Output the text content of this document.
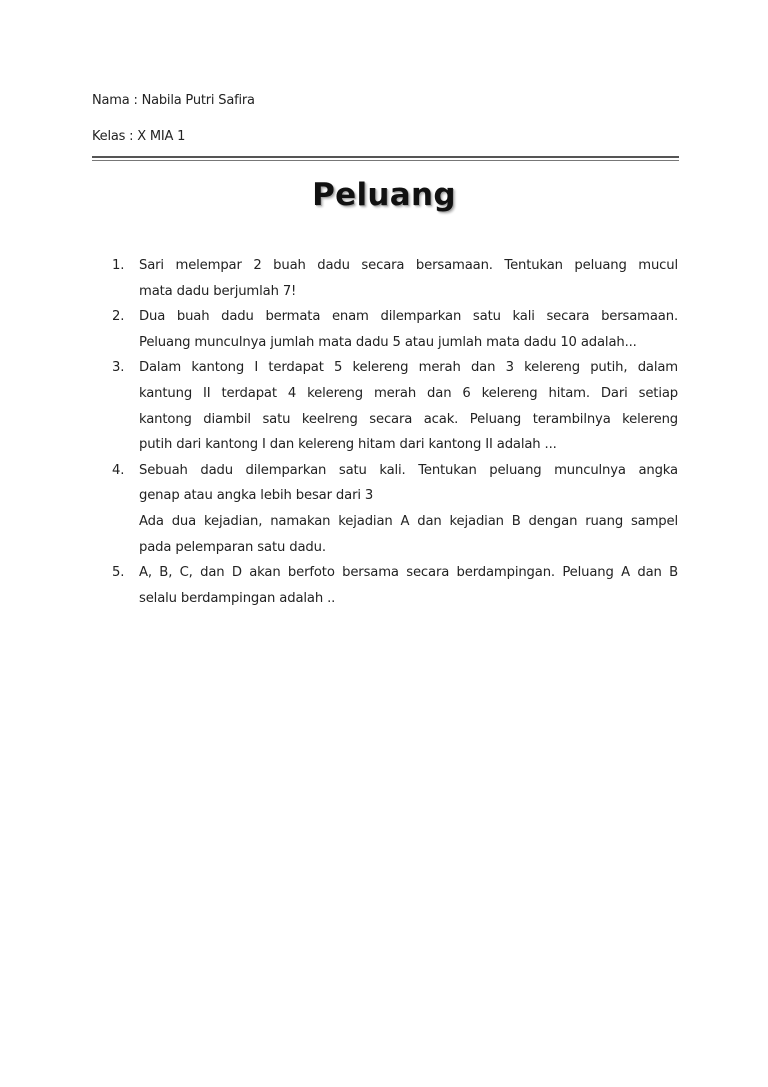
Nama : Nabila Putri Safira
Kelas : X MIA 1
Peluang
1. Sari melempar 2 buah dadu secara bersamaan. Tentukan peluang mucul
mata dadu berjumlah 7!
2. Dua buah dadu bermata enam dilemparkan satu kali secara bersamaan.
Peluang munculnya jumlah mata dadu 5 atau jumlah mata dadu 10 adalah...
3. Dalam kantong I terdapat 5 kelereng merah dan 3 kelereng putih, dalam
kantung II terdapat 4 kelereng merah dan 6 kelereng hitam. Dari setiap
kantong diambil satu keelreng secara acak. Peluang terambilnya kelereng
putih dari kantong I dan kelereng hitam dari kantong II adalah ...
4. Sebuah dadu dilemparkan satu kali. Tentukan peluang munculnya angka
genap atau angka lebih besar dari 3
Ada dua kejadian, namakan kejadian A dan kejadian B dengan ruang sampel
pada pelemparan satu dadu.
5. A, B, C, dan D akan berfoto bersama secara berdampingan. Peluang A dan B
selalu berdampingan adalah ..
